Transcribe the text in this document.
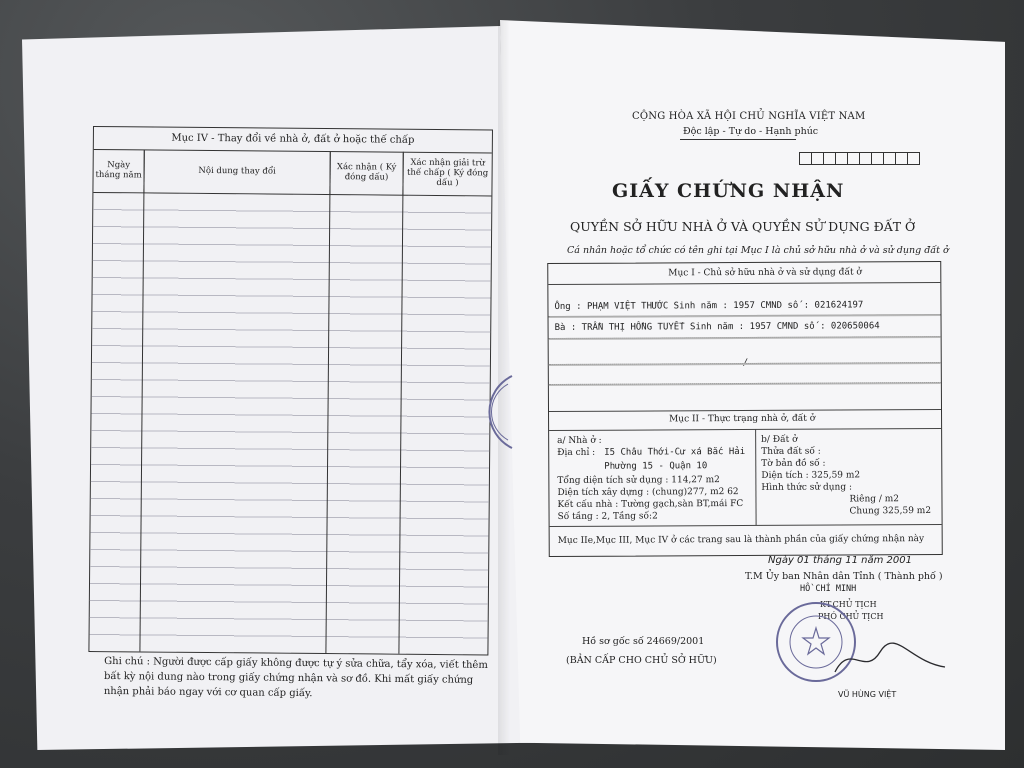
Mục IV - Thay đổi về nhà ở, đất ở hoặc thế chấp
Ngày tháng năm	Nội dung thay đổi	Xác nhận ( Ký đóng dấu)
Xác nhận giải trừ thế chấp ( Ký đóng dấu )
Ghi chú : Người được cấp giấy không được tự ý sửa chữa, tẩy xóa, viết thêm bất kỳ nội dung nào trong giấy chứng nhận và sơ đồ. Khi mất giấy chứng nhận phải báo ngay với cơ quan cấp giấy.
CỘNG HÒA XÃ HỘI CHỦ NGHĨA VIỆT NAM
Độc lập - Tự do - Hạnh phúc
GIẤY CHỨNG NHẬN
QUYỀN SỞ HỮU NHÀ Ở VÀ QUYỀN SỬ DỤNG ĐẤT Ở
Cá nhân hoặc tổ chức có tên ghi tại Mục I là chủ sở hữu nhà ở và sử dụng đất ở
Mục I - Chủ sở hữu nhà ở và sử dụng đất ở
Ông : PHẠM VIỆT THƯỚC Sinh năm : 1957 CMND số : 021624197
Bà : TRẦN THỊ HỒNG TUYẾT Sinh năm : 1957 CMND số : 020650064
Mục II - Thực trạng nhà ở, đất ở
a/ Nhà ở :
Địa chỉ : I5 Châu Thới-Cư xá Bắc Hải
Phường 15 - Quận 10
Tổng diện tích sử dụng : 114,27 m2
Diện tích xây dựng : (chung)277, m2 62
Kết cấu nhà : Tường gạch,sàn BT,mái FC
Số tầng : 2, Tầng số:2
b/ Đất ở
Thửa đất số :
Tờ bản đồ số :
Diện tích : 325,59 m2
Hình thức sử dụng :
Riêng / m2
Chung 325,59 m2
Mục IIe,Mục III, Mục IV ở các trang sau là thành phần của giấy chứng nhận này
Ngày 01 tháng 11 năm 2001
T.M Ủy ban Nhân dân Tỉnh ( Thành phố )
HỒ CHÍ MINH
KT.CHỦ TỊCH
PHÓ CHỦ TỊCH
Hồ sơ gốc số 24669/2001
(BẢN CẤP CHO CHỦ SỞ HỮU)
VŨ HÙNG VIỆT
